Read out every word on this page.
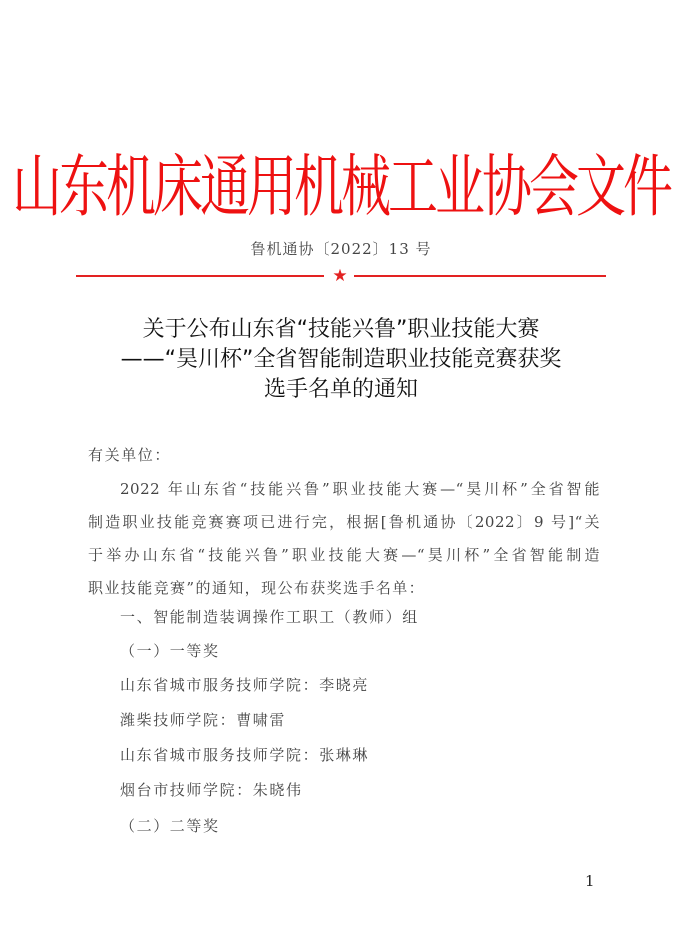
山东机床通用机械工业协会文件
鲁机通协〔2022〕13 号
★
关于公布山东省“技能兴鲁”职业技能大赛
——“昊川杯”全省智能制造职业技能竞赛获奖
选手名单的通知
有关单位：
2022 年山东省“技能兴鲁”职业技能大赛—“昊川杯”全省智能
制造职业技能竞赛赛项已进行完，根据[鲁机通协〔2022〕9 号]“关
于举办山东省“技能兴鲁”职业技能大赛—“昊川杯”全省智能制造
职业技能竞赛”的通知，现公布获奖选手名单：
一、智能制造装调操作工职工（教师）组
（一）一等奖
山东省城市服务技师学院：李晓亮
潍柴技师学院：曹啸雷
山东省城市服务技师学院：张琳琳
烟台市技师学院：朱晓伟
（二）二等奖
1
